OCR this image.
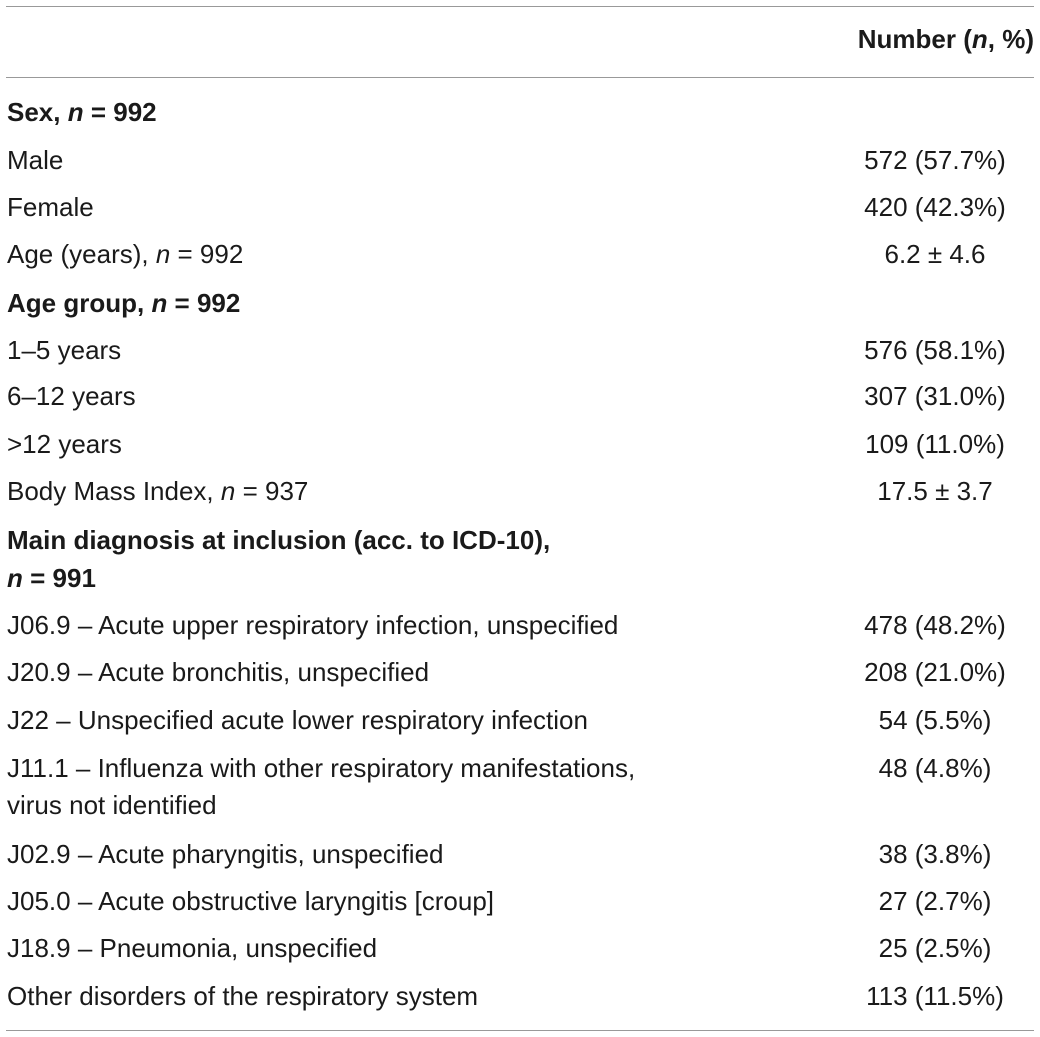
Number (n, %)
Sex, n = 992
Male	572 (57.7%)
Female	420 (42.3%)
Age (years), n = 992	6.2 ± 4.6
Age group, n = 992
1–5 years	576 (58.1%)
6–12 years	307 (31.0%)
>12 years	109 (11.0%)
Body Mass Index, n = 937	17.5 ± 3.7
Main diagnosis at inclusion (acc. to ICD-10),
n = 991
J06.9 – Acute upper respiratory infection, unspecified	478 (48.2%)
J20.9 – Acute bronchitis, unspecified	208 (21.0%)
J22 – Unspecified acute lower respiratory infection	54 (5.5%)
J11.1 – Influenza with other respiratory manifestations,	48 (4.8%)
virus not identified
J02.9 – Acute pharyngitis, unspecified	38 (3.8%)
J05.0 – Acute obstructive laryngitis [croup]	27 (2.7%)
J18.9 – Pneumonia, unspecified	25 (2.5%)
Other disorders of the respiratory system	113 (11.5%)
